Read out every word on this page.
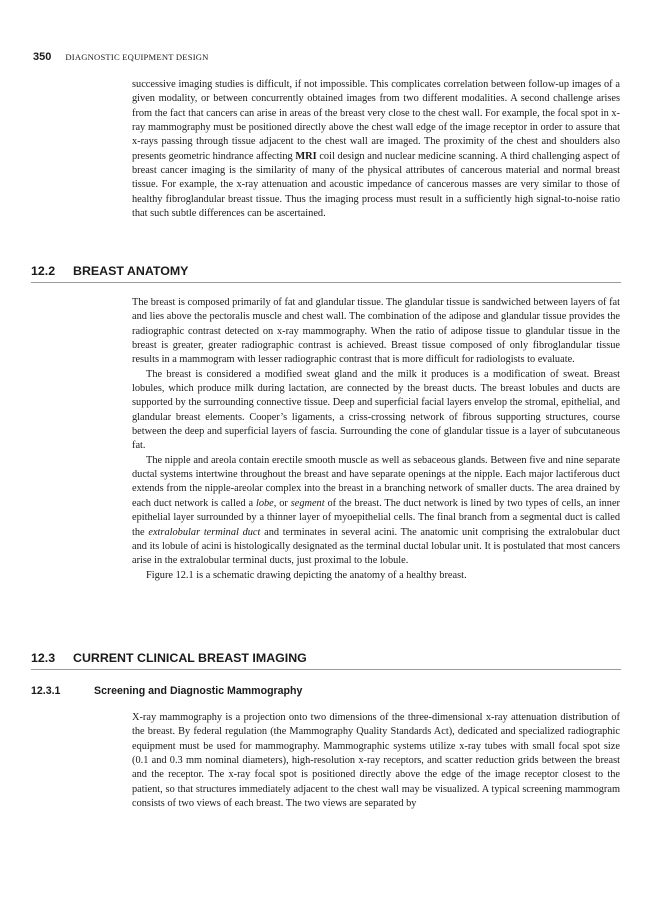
350 DIAGNOSTIC EQUIPMENT DESIGN

successive imaging studies is difficult, if not impossible. This complicates correlation between follow-up images of a given modality, or between concurrently obtained images from two different modalities. A second challenge arises from the fact that cancers can arise in areas of the breast very close to the chest wall. For example, the focal spot in x-ray mammography must be positioned directly above the chest wall edge of the image receptor in order to assure that x-rays passing through tissue adjacent to the chest wall are imaged. The proximity of the chest and shoulders also presents geometric hindrance affecting MRI coil design and nuclear medicine scanning. A third challenging aspect of breast cancer imaging is the similarity of many of the physical attributes of cancerous material and normal breast tissue. For example, the x-ray attenuation and acoustic impedance of cancerous masses are very similar to those of healthy fibroglandular breast tissue. Thus the imaging process must result in a sufficiently high signal-to-noise ratio that such subtle differences can be ascertained.

12.2 BREAST ANATOMY

The breast is composed primarily of fat and glandular tissue. The glandular tissue is sandwiched between layers of fat and lies above the pectoralis muscle and chest wall. The combination of the adipose and glandular tissue provides the radiographic contrast detected on x-ray mammography. When the ratio of adipose tissue to glandular tissue in the breast is greater, greater radiographic contrast is achieved. Breast tissue composed of only fibroglandular tissue results in a mammogram with lesser radiographic contrast that is more difficult for radiologists to evaluate.

The breast is considered a modified sweat gland and the milk it produces is a modification of sweat. Breast lobules, which produce milk during lactation, are connected by the breast ducts. The breast lobules and ducts are supported by the surrounding connective tissue. Deep and superficial facial layers envelop the stromal, epithelial, and glandular breast elements. Cooper’s ligaments, a criss-crossing network of fibrous supporting structures, course between the deep and superficial layers of fascia. Surrounding the cone of glandular tissue is a layer of subcutaneous fat.

The nipple and areola contain erectile smooth muscle as well as sebaceous glands. Between five and nine separate ductal systems intertwine throughout the breast and have separate openings at the nipple. Each major lactiferous duct extends from the nipple-areolar complex into the breast in a branching network of smaller ducts. The area drained by each duct network is called a lobe, or segment of the breast. The duct network is lined by two types of cells, an inner epithelial layer surrounded by a thinner layer of myoepithelial cells. The final branch from a segmental duct is called the extralobular terminal duct and terminates in several acini. The anatomic unit comprising the extralobular duct and its lobule of acini is histologically designated as the terminal ductal lobular unit. It is postulated that most cancers arise in the extralobular terminal ducts, just proximal to the lobule.

Figure 12.1 is a schematic drawing depicting the anatomy of a healthy breast.

12.3 CURRENT CLINICAL BREAST IMAGING
12.3.1	Screening and Diagnostic Mammography

X-ray mammography is a projection onto two dimensions of the three-dimensional x-ray attenuation distribution of the breast. By federal regulation (the Mammography Quality Standards Act), dedicated and specialized radiographic equipment must be used for mammography. Mammographic systems utilize x-ray tubes with small focal spot size (0.1 and 0.3 mm nominal diameters), high-resolution x-ray receptors, and scatter reduction grids between the breast and the receptor. The x-ray focal spot is positioned directly above the edge of the image receptor closest to the patient, so that structures immediately adjacent to the chest wall may be visualized. A typical screening mammogram consists of two views of each breast. The two views are separated by
